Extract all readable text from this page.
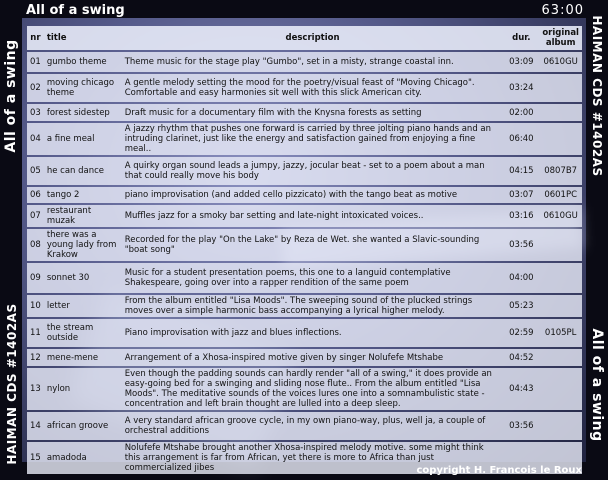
All of a swing	63:00
All of a swing
HAIMAN CDS #1402AS
HAIMAN CDS #1402AS
All of a swing
nr	title	description	dur.	original album
01	gumbo theme	Theme music for the stage play "Gumbo", set in a misty, strange coastal inn.	03:09	0610GU
02	moving chicago theme	A gentle melody setting the mood for the poetry/visual feast of "Moving Chicago". Comfortable and easy harmonies sit well with this slick American city.	03:24	
03	forest sidestep	Draft music for a documentary film with the Knysna forests as setting	02:00	
04	a fine meal	A jazzy rhythm that pushes one forward is carried by three jolting piano hands and an intruding clarinet, just like the energy and satisfaction gained from enjoying a fine meal..	06:40	
05	he can dance	A quirky organ sound leads a jumpy, jazzy, jocular beat - set to a poem about a man that could really move his body	04:15	0807B7
06	tango 2	piano improvisation (and added cello pizzicato) with the tango beat as motive	03:07	0601PC
07	restaurant muzak	Muffles jazz for a smoky bar setting and late-night intoxicated voices..	03:16	0610GU
08	there was a young lady from Krakow	Recorded for the play "On the Lake" by Reza de Wet. she wanted a Slavic-sounding "boat song"	03:56	
09	sonnet 30	Music for a student presentation poems, this one to a languid contemplative Shakespeare, going over into a rapper rendition of the same poem	04:00	
10	letter	From the album entitled "Lisa Moods". The sweeping sound of the plucked strings moves over a simple harmonic bass accompanying a lyrical higher melody.	05:23	
11	the stream outside	Piano improvisation with jazz and blues inflections.	02:59	0105PL
12	mene-mene	Arrangement of a Xhosa-inspired motive given by singer Nolufefe Mtshabe	04:52	
13	nylon	Even though the padding sounds can hardly render "all of a swing," it does provide an easy-going bed for a swinging and sliding nose flute.. From the album entitled "Lisa Moods". The meditative sounds of the voices lures one into a somnambulistic state - concentration and left brain thought are lulled into a deep sleep.	04:43	
14	african groove	A very standard african groove cycle, in my own piano-way, plus, well ja, a couple of orchestral additions	03:56	
15	amadoda	Nolufefe Mtshabe brought another Xhosa-inspired melody motive. some might think this arrangement is far from African, yet there is more to Africa than just commercialized jibes			copyright H. Francois le Roux
